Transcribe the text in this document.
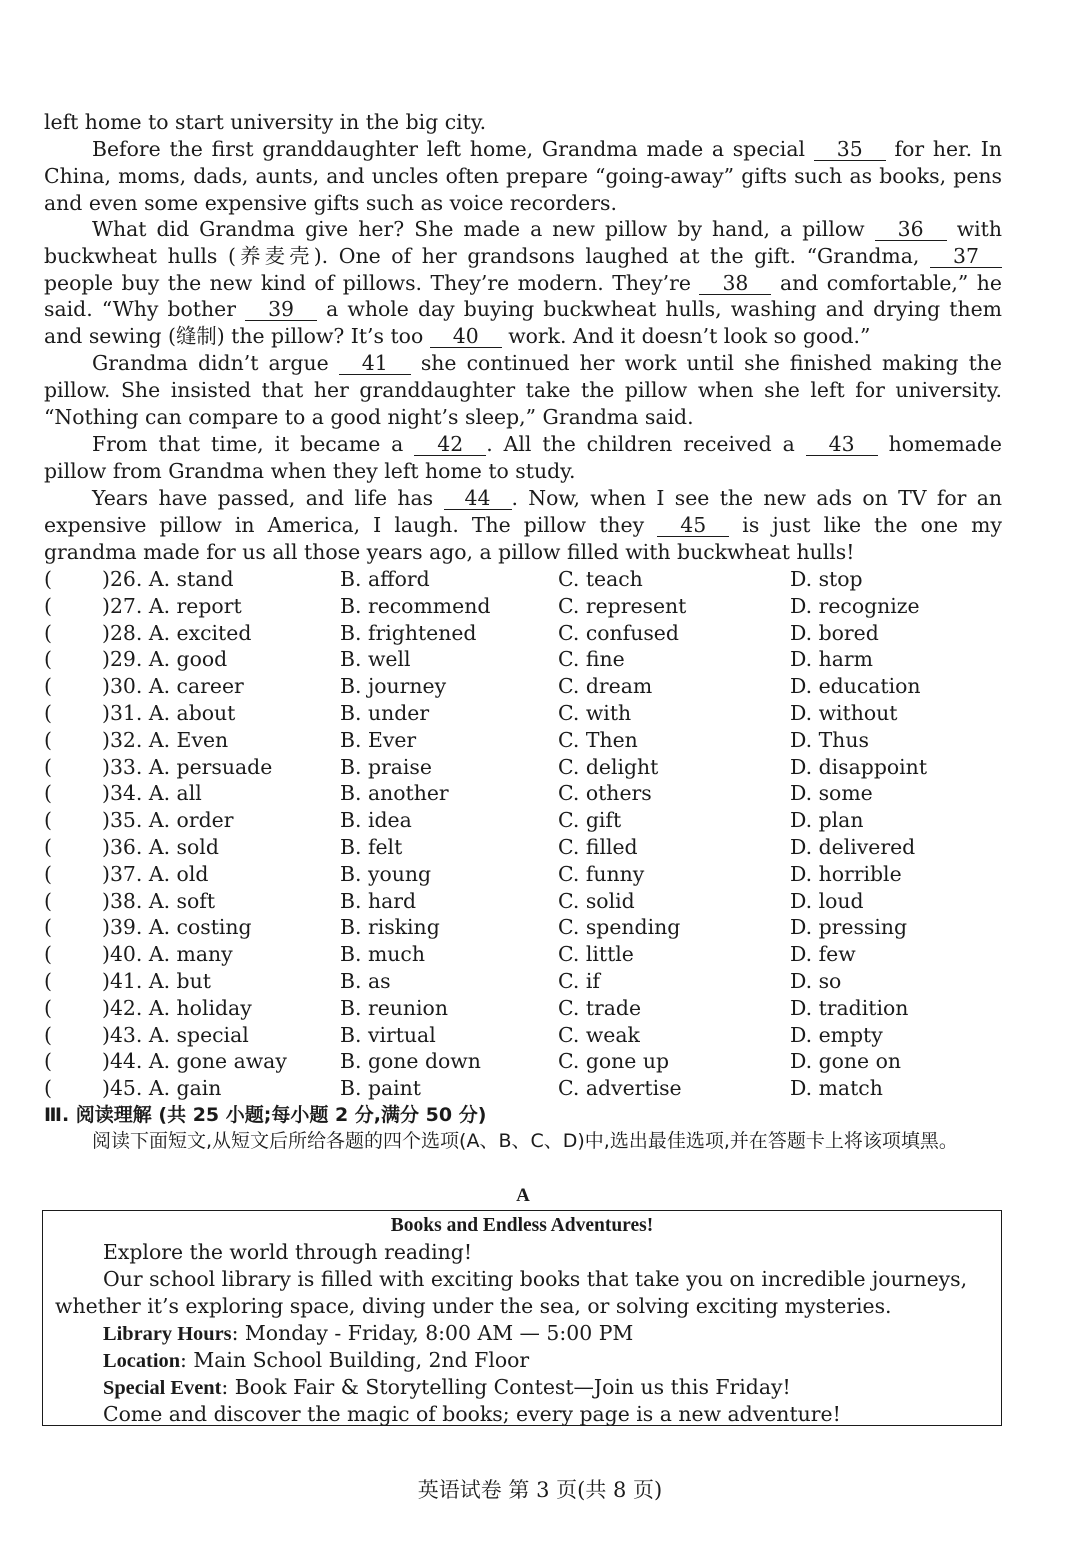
left home to start university in the big city.

Before the first granddaughter left home, Grandma made a special 35 for her. In China, moms, dads, aunts, and uncles often prepare “going-away” gifts such as books, pens and even some expensive gifts such as voice recorders.

What did Grandma give her? She made a new pillow by hand, a pillow 36 with buckwheat hulls (养麦壳). One of her grandsons laughed at the gift. “Grandma, 37 people buy the new kind of pillows. They’re modern. They’re 38 and comfortable,” he said. “Why bother 39 a whole day buying buckwheat hulls, washing and drying them and sewing (缝制) the pillow? It’s too 40 work. And it doesn’t look so good.”

Grandma didn’t argue 41 she continued her work until she finished making the pillow. She insisted that her granddaughter take the pillow when she left for university. “Nothing can compare to a good night’s sleep,” Grandma said.

From that time, it became a 42 . All the children received a 43 homemade pillow from Grandma when they left home to study.

Years have passed, and life has 44 . Now, when I see the new ads on TV for an expensive pillow in America, I laugh. The pillow they 45 is just like the one my grandma made for us all those years ago, a pillow filled with buckwheat hulls!

( )26. A. stand	B. afford	C. teach	D. stop
( )27. A. report	B. recommend	C. represent	D. recognize
( )28. A. excited	B. frightened	C. confused	D. bored
( )29. A. good	B. well	C. fine	D. harm
( )30. A. career	B. journey	C. dream	D. education
( )31. A. about	B. under	C. with	D. without
( )32. A. Even	B. Ever	C. Then	D. Thus
( )33. A. persuade	B. praise	C. delight	D. disappoint
( )34. A. all	B. another	C. others	D. some
( )35. A. order	B. idea	C. gift	D. plan
( )36. A. sold	B. felt	C. filled	D. delivered
( )37. A. old	B. young	C. funny	D. horrible
( )38. A. soft	B. hard	C. solid	D. loud
( )39. A. costing	B. risking	C. spending	D. pressing
( )40. A. many	B. much	C. little	D. few
( )41. A. but	B. as	C. if	D. so
( )42. A. holiday	B. reunion	C. trade	D. tradition
( )43. A. special	B. virtual	C. weak	D. empty
( )44. A. gone away	B. gone down	C. gone up	D. gone on
( )45. A. gain	B. paint	C. advertise	D. match
Ⅲ. 阅读理解 (共 25 小题;每小题 2 分,满分 50 分)

阅读下面短文,从短文后所给各题的四个选项(A、B、C、D)中,选出最佳选项,并在答题卡上将该项填黑。

A
Books and Endless Adventures!
Explore the world through reading!
Our school library is filled with exciting books that take you on incredible journeys,
whether it’s exploring space, diving under the sea, or solving exciting mysteries.
Library Hours: Monday - Friday, 8:00 AM — 5:00 PM
Location: Main School Building, 2nd Floor
Special Event: Book Fair & Storytelling Contest—Join us this Friday!
Come and discover the magic of books; every page is a new adventure!
英语试卷 第 3 页(共 8 页)
